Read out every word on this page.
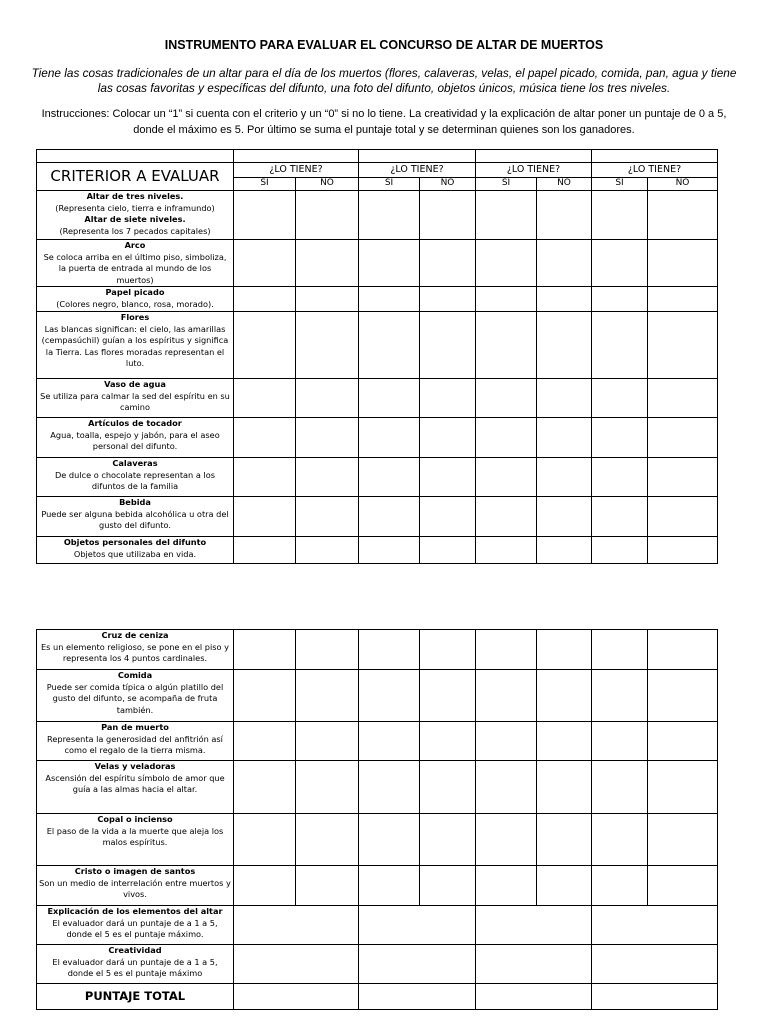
INSTRUMENTO PARA EVALUAR EL CONCURSO DE ALTAR DE MUERTOS
Tiene las cosas tradicionales de un altar para el día de los muertos (flores, calaveras, velas, el papel picado, comida, pan, agua y tiene las cosas favoritas y específicas del difunto, una foto del difunto, objetos únicos, música tiene los tres niveles.
Instrucciones: Colocar un “1” si cuenta con el criterio y un “0” si no lo tiene. La creatividad y la explicación de altar poner un puntaje de 0 a 5, donde el máximo es 5. Por último se suma el puntaje total y se determinan quienes son los ganadores.

CRITERIOR A EVALUAR	¿LO TIENE?		¿LO TIENE?		¿LO TIENE?		¿LO TIENE?	
	SI	NO	SI	NO	SI	NO	SI	NO

Altar de tres niveles.
(Representa cielo, tierra e inframundo)
Altar de siete niveles.
(Representa los 7 pecados capitales)								

Arco
Se coloca arriba en el último piso, simboliza, la puerta de entrada al mundo de los muertos)								

Papel picado
(Colores negro, blanco, rosa, morado).								

Flores
Las blancas significan: el cielo, las amarillas (cempasúchil) guían a los espíritus y significa la Tierra. Las flores moradas representan el luto.								

Vaso de agua
Se utiliza para calmar la sed del espíritu en su camino								

Artículos de tocador
Agua, toalla, espejo y jabón, para el aseo personal del difunto.								

Calaveras
De dulce o chocolate representan a los difuntos de la familia								

Bebida
Puede ser alguna bebida alcohólica u otra del gusto del difunto.								

Objetos personales del difunto
Objetos que utilizaba en vida.								

Cruz de ceniza
Es un elemento religioso, se pone en el piso y representa los 4 puntos cardinales.								

Comida
Puede ser comida típica o algún platillo del gusto del difunto, se acompaña de fruta también.								

Pan de muerto
Representa la generosidad del anfitrión así como el regalo de la tierra misma.								

Velas y veladoras
Ascensión del espíritu símbolo de amor que guía a las almas hacia el altar.								

Copal o incienso
El paso de la vida a la muerte que aleja los malos espíritus.								

Cristo o imagen de santos
Son un medio de interrelación entre muertos y vivos.								

Explicación de los elementos del altar
El evaluador dará un puntaje de a 1 a 5, donde el 5 es el puntaje máximo.								

Creatividad
El evaluador dará un puntaje de a 1 a 5, donde el 5 es el puntaje máximo								

PUNTAJE TOTAL								
